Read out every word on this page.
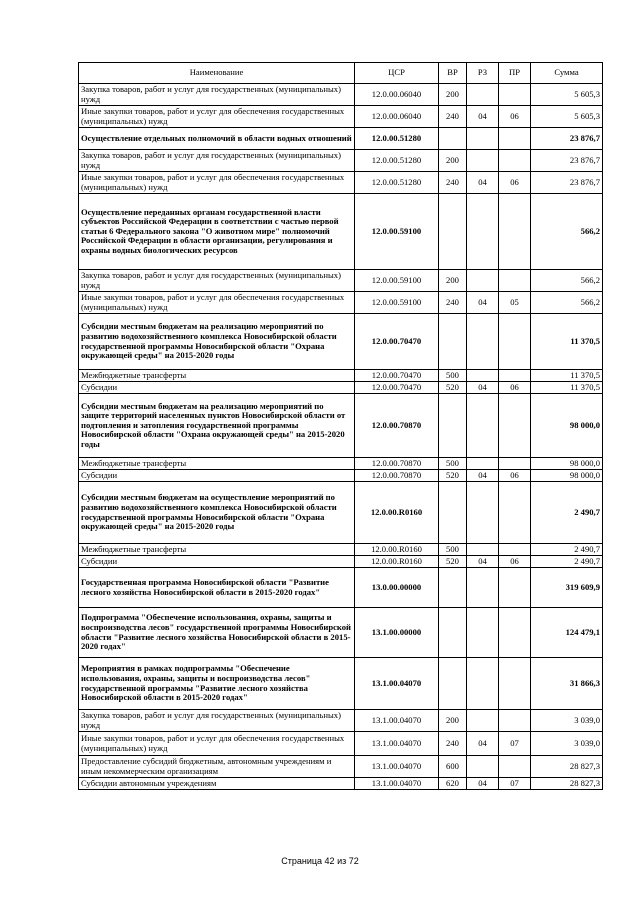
Наименование	ЦСР	ВР	РЗ	ПР	Сумма
Закупка товаров, работ и услуг для государственных (муниципальных) нужд	12.0.00.06040	200			5 605,3
Иные закупки товаров, работ и услуг для обеспечения государственных (муниципальных) нужд	12.0.00.06040	240	04	06	5 605,3
Осуществление отдельных полномочий в области водных отношений	12.0.00.51280				23 876,7
Закупка товаров, работ и услуг для государственных (муниципальных) нужд	12.0.00.51280	200			23 876,7
Иные закупки товаров, работ и услуг для обеспечения государственных (муниципальных) нужд	12.0.00.51280	240	04	06	23 876,7
Осуществление переданных органам государственной власти субъектов Российской Федерации в соответствии с частью первой статьи 6 Федерального закона "О животном мире" полномочий Российской Федерации в области организации, регулирования и охраны водных биологических ресурсов	12.0.00.59100				566,2
Закупка товаров, работ и услуг для государственных (муниципальных) нужд	12.0.00.59100	200			566,2
Иные закупки товаров, работ и услуг для обеспечения государственных (муниципальных) нужд	12.0.00.59100	240	04	05	566,2
Субсидии местным бюджетам на реализацию мероприятий по развитию водохозяйственного комплекса Новосибирской области государственной программы Новосибирской области "Охрана окружающей среды" на 2015-2020 годы	12.0.00.70470				11 370,5
Межбюджетные трансферты	12.0.00.70470	500			11 370,5
Субсидии	12.0.00.70470	520	04	06	11 370,5
Субсидии местным бюджетам на реализацию мероприятий по защите территорий населенных пунктов Новосибирской области от подтопления и затопления государственной программы Новосибирской области "Охрана окружающей среды" на 2015-2020 годы	12.0.00.70870				98 000,0
Межбюджетные трансферты	12.0.00.70870	500			98 000,0
Субсидии	12.0.00.70870	520	04	06	98 000,0
Субсидии местным бюджетам на осуществление мероприятий по развитию водохозяйственного комплекса Новосибирской области государственной программы Новосибирской области "Охрана окружающей среды" на 2015-2020 годы	12.0.00.R0160				2 490,7
Межбюджетные трансферты	12.0.00.R0160	500			2 490,7
Субсидии	12.0.00.R0160	520	04	06	2 490,7
Государственная программа Новосибирской области "Развитие лесного хозяйства Новосибирской области в 2015-2020 годах"	13.0.00.00000				319 609,9
Подпрограмма "Обеспечение использования, охраны, защиты и воспроизводства лесов" государственной программы Новосибирской области "Развитие лесного хозяйства Новосибирской области в 2015-2020 годах"	13.1.00.00000				124 479,1
Мероприятия в рамках подпрограммы "Обеспечение использования, охраны, защиты и воспроизводства лесов" государственной программы "Развитие лесного хозяйства Новосибирской области в 2015-2020 годах"	13.1.00.04070				31 866,3
Закупка товаров, работ и услуг для государственных (муниципальных) нужд	13.1.00.04070	200			3 039,0
Иные закупки товаров, работ и услуг для обеспечения государственных (муниципальных) нужд	13.1.00.04070	240	04	07	3 039,0
Предоставление субсидий бюджетным, автономным учреждениям и иным некоммерческим организациям	13.1.00.04070	600			28 827,3
Субсидии автономным учреждениям	13.1.00.04070	620	04	07	28 827,3
Страница 42 из 72
